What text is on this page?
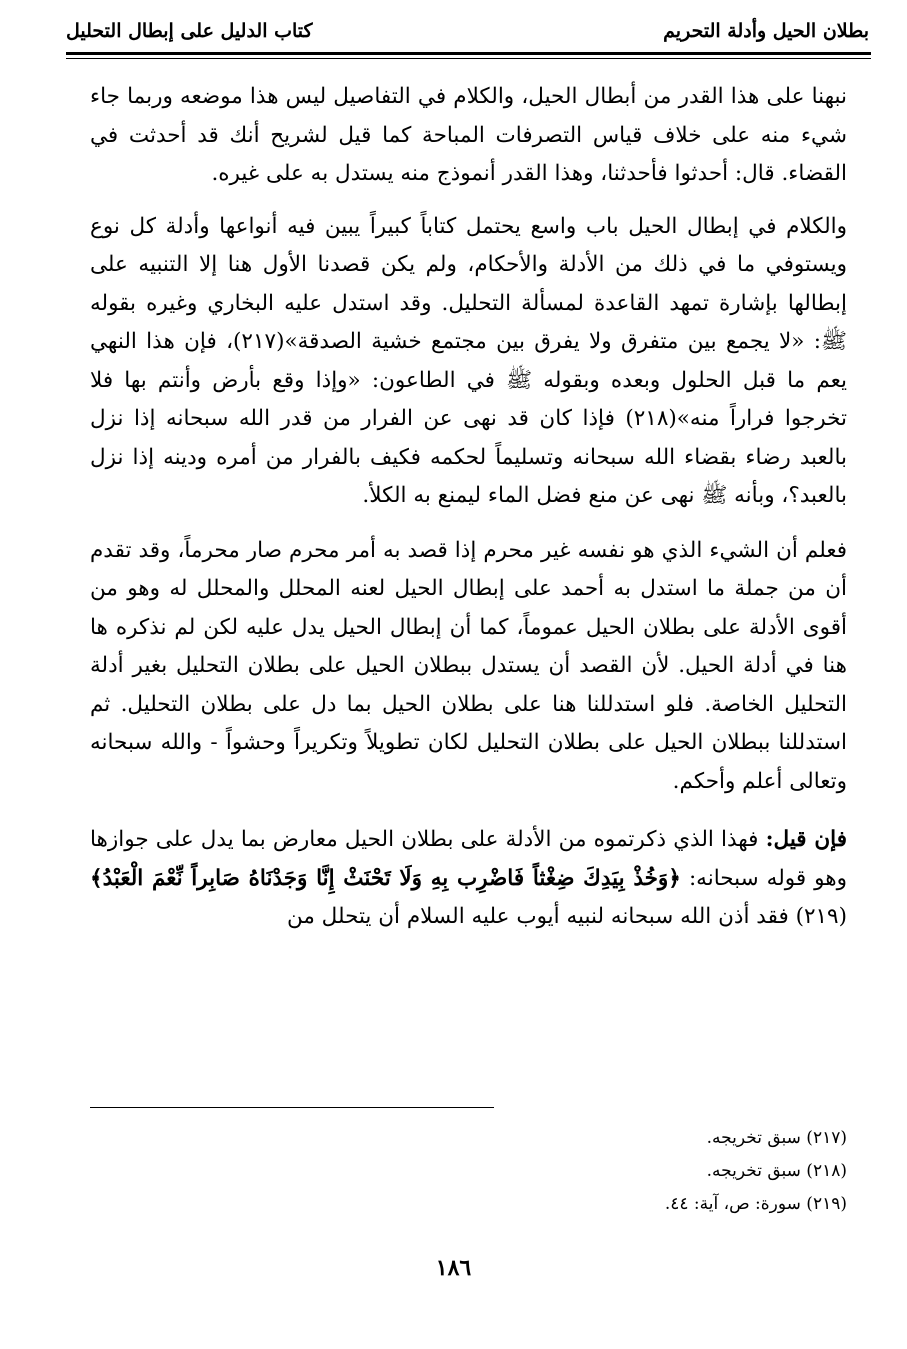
كتاب الدليل على إبطال التحليل	بطلان الحيل وأدلة التحريم

نبهنا على هذا القدر من أبطال الحيل، والكلام في التفاصيل ليس هذا موضعه وربما جاء شيء منه على خلاف قياس التصرفات المباحة كما قيل لشريح أنك قد أحدثت في القضاء. قال: أحدثوا فأحدثنا، وهذا القدر أنموذج منه يستدل به على غيره.

والكلام في إبطال الحيل باب واسع يحتمل كتاباً كبيراً يبين فيه أنواعها وأدلة كل نوع ويستوفي ما في ذلك من الأدلة والأحكام، ولم يكن قصدنا الأول هنا إلا التنبيه على إبطالها بإشارة تمهد القاعدة لمسألة التحليل. وقد استدل عليه البخاري وغيره بقوله ﷺ: «لا يجمع بين متفرق ولا يفرق بين مجتمع خشية الصدقة»(٢١٧)، فإن هذا النهي يعم ما قبل الحلول وبعده وبقوله ﷺ في الطاعون: «وإذا وقع بأرض وأنتم بها فلا تخرجوا فراراً منه»(٢١٨) فإذا كان قد نهى عن الفرار من قدر الله سبحانه إذا نزل بالعبد رضاء بقضاء الله سبحانه وتسليماً لحكمه فكيف بالفرار من أمره ودينه إذا نزل بالعبد؟، وبأنه ﷺ نهى عن منع فضل الماء ليمنع به الكلأ.

فعلم أن الشيء الذي هو نفسه غير محرم إذا قصد به أمر محرم صار محرماً، وقد تقدم أن من جملة ما استدل به أحمد على إبطال الحيل لعنه المحلل والمحلل له وهو من أقوى الأدلة على بطلان الحيل عموماً، كما أن إبطال الحيل يدل عليه لكن لم نذكره ها هنا في أدلة الحيل. لأن القصد أن يستدل ببطلان الحيل على بطلان التحليل بغير أدلة التحليل الخاصة. فلو استدللنا هنا على بطلان الحيل بما دل على بطلان التحليل. ثم استدللنا ببطلان الحيل على بطلان التحليل لكان تطويلاً وتكريراً وحشواً - والله سبحانه وتعالى أعلم وأحكم.

فإن قيل: فهذا الذي ذكرتموه من الأدلة على بطلان الحيل معارض بما يدل على جوازها وهو قوله سبحانه: ﴿وَخُذْ بِيَدِكَ ضِغْثاً فَاضْرِب بِهِ وَلَا تَحْنَثْ إِنَّا وَجَدْنَاهُ صَابِراً نِّعْمَ الْعَبْدُ﴾(٢١٩) فقد أذن الله سبحانه لنبيه أيوب عليه السلام أن يتحلل من

(٢١٧) سبق تخريجه.

(٢١٨) سبق تخريجه.

(٢١٩) سورة: ص، آية: ٤٤.

١٨٦
